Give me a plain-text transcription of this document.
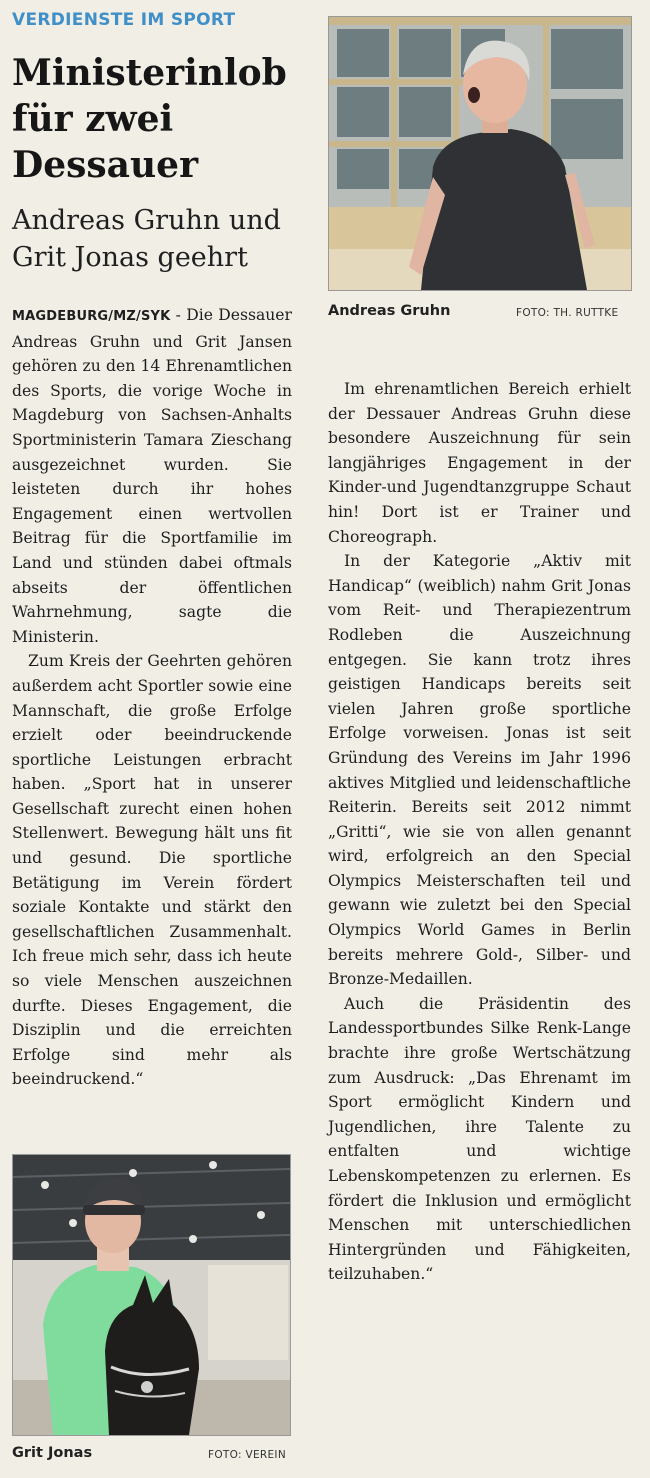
VERDIENSTE IM SPORT
Ministerinlob für zwei Dessauer
Andreas Gruhn und Grit Jonas geehrt

MAGDEBURG/MZ/SYK - Die Dessauer Andreas Gruhn und Grit Jansen gehören zu den 14 Ehrenamtlichen des Sports, die vorige Woche in Magdeburg von Sachsen-Anhalts Sportministerin Tamara Zieschang ausgezeichnet wurden. Sie leisteten durch ihr hohes Engagement einen wertvollen Beitrag für die Sportfamilie im Land und stünden dabei oftmals abseits der öffentlichen Wahrnehmung, sagte die Ministerin.

Zum Kreis der Geehrten gehören außerdem acht Sportler sowie eine Mannschaft, die große Erfolge erzielt oder beeindruckende sportliche Leistungen erbracht haben. „Sport hat in unserer Gesellschaft zurecht einen hohen Stellenwert. Bewegung hält uns fit und gesund. Die sportliche Betätigung im Verein fördert soziale Kontakte und stärkt den gesellschaftlichen Zusammenhalt. Ich freue mich sehr, dass ich heute so viele Menschen auszeichnen durfte. Dieses Engagement, die Disziplin und die erreichten Erfolge sind mehr als beeindruckend.“

Im ehrenamtlichen Bereich erhielt der Dessauer Andreas Gruhn diese besondere Auszeichnung für sein langjähriges Engagement in der Kinder-und Jugendtanzgruppe Schaut hin! Dort ist er Trainer und Choreograph.

In der Kategorie „Aktiv mit Handicap“ (weiblich) nahm Grit Jonas vom Reit- und Therapiezentrum Rodleben die Auszeichnung entgegen. Sie kann trotz ihres geistigen Handicaps bereits seit vielen Jahren große sportliche Erfolge vorweisen. Jonas ist seit Gründung des Vereins im Jahr 1996 aktives Mitglied und leidenschaftliche Reiterin. Bereits seit 2012 nimmt „Gritti“, wie sie von allen genannt wird, erfolgreich an den Special Olympics Meisterschaften teil und gewann wie zuletzt bei den Special Olympics World Games in Berlin bereits mehrere Gold-, Silber- und Bronze-Medaillen.

Auch die Präsidentin des Landessportbundes Silke Renk-Lange brachte ihre große Wertschätzung zum Ausdruck: „Das Ehrenamt im Sport ermöglicht Kindern und Jugendlichen, ihre Talente zu entfalten und wichtige Lebenskompetenzen zu erlernen. Es fördert die Inklusion und ermöglicht Menschen mit unterschiedlichen Hintergründen und Fähigkeiten, teilzuhaben.“

Andreas Gruhn	FOTO: TH. RUTTKE
Grit Jonas	FOTO: VEREIN
